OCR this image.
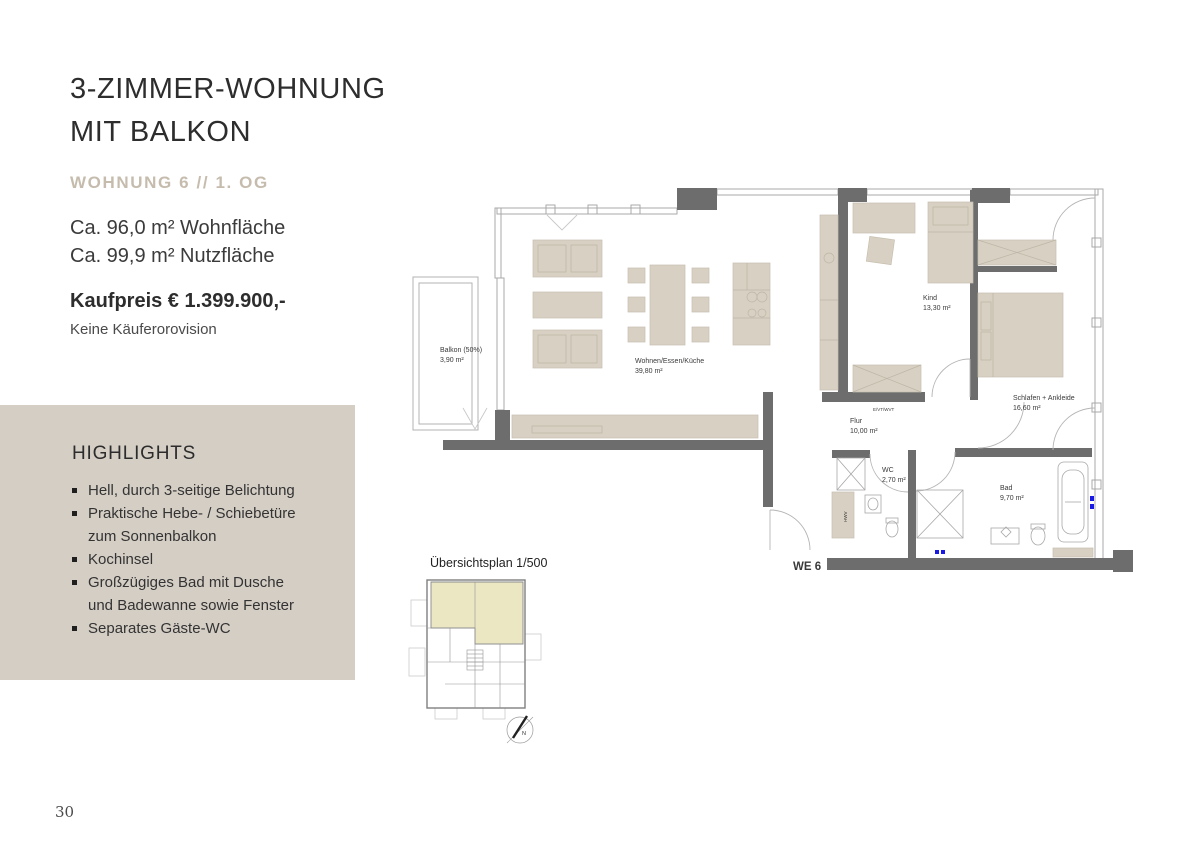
3-ZIMMER-WOHNUNG
MIT BALKON
WOHNUNG 6 // 1. OG
Ca. 96,0 m² Wohnfläche
Ca. 99,9 m² Nutzfläche
Kaufpreis € 1.399.900,-
Keine Käuferorovision
HIGHLIGHTS
Hell, durch 3-seitige Belichtung
Praktische Hebe- / Schiebetüre
zum Sonnenbalkon
Kochinsel
Großzügiges Bad mit Dusche
und Badewanne sowie Fenster
Separates Gäste-WC
Balkon (50%)
3,90 m²	Wohnen/Essen/Küche
39,80 m²
Kind
13,30 m²
Flur
10,00 m²
WC
2,70 m²
Bad
9,70 m²
Schlafen + Ankleide
16,60 m²
E/VT/WVT
HWV
WE 6
Übersichtsplan 1/500
N
30
